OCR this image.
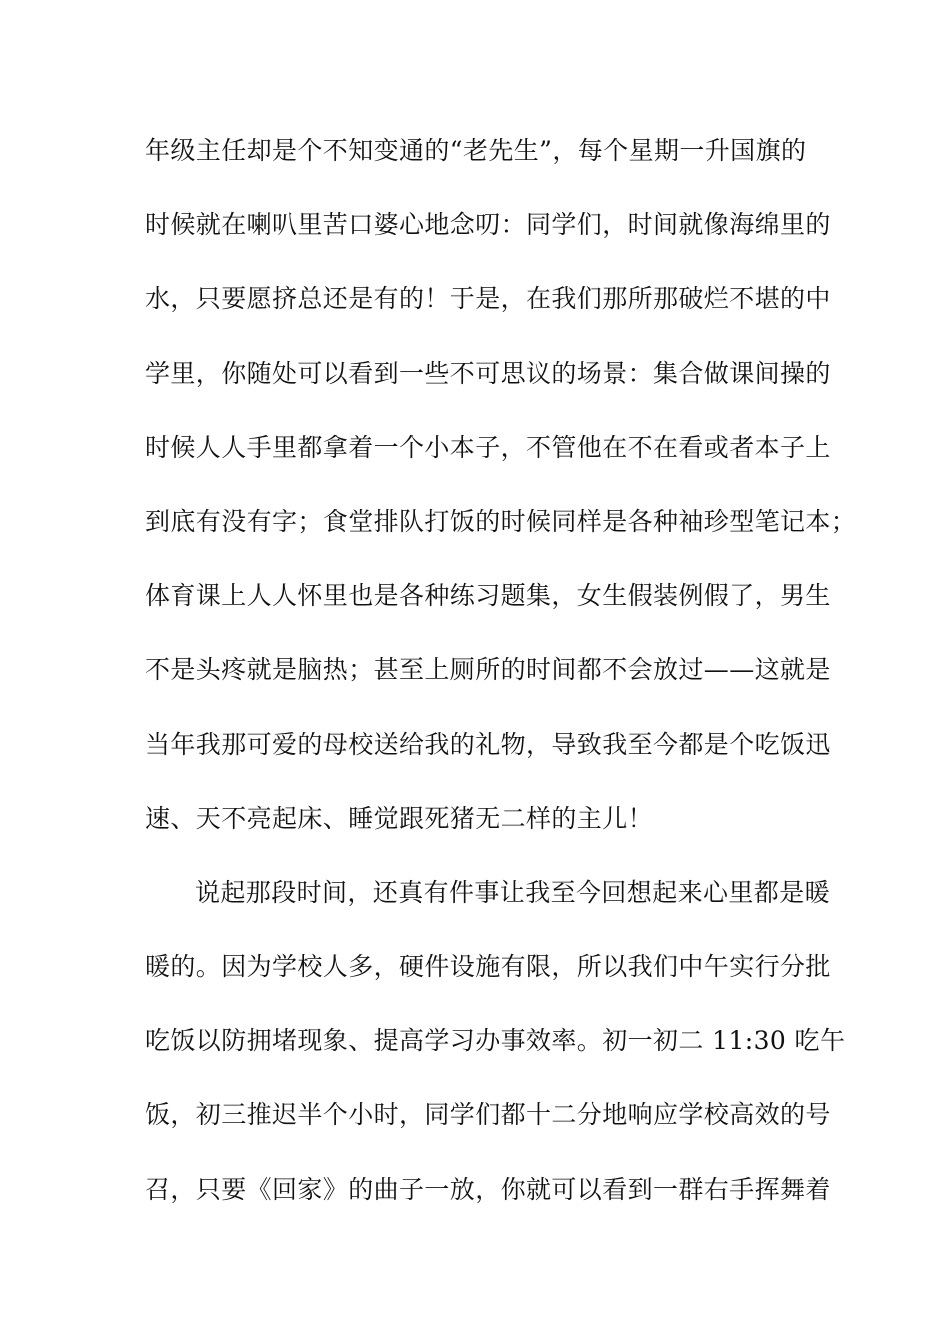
年级主任却是个不知变通的“老先生”，每个星期一升国旗的
时候就在喇叭里苦口婆心地念叨：同学们，时间就像海绵里的
水，只要愿挤总还是有的！于是，在我们那所那破烂不堪的中
学里，你随处可以看到一些不可思议的场景：集合做课间操的
时候人人手里都拿着一个小本子，不管他在不在看或者本子上
到底有没有字；食堂排队打饭的时候同样是各种袖珍型笔记本；
体育课上人人怀里也是各种练习题集，女生假装例假了，男生
不是头疼就是脑热；甚至上厕所的时间都不会放过——这就是
当年我那可爱的母校送给我的礼物，导致我至今都是个吃饭迅
速、天不亮起床、睡觉跟死猪无二样的主儿！
说起那段时间，还真有件事让我至今回想起来心里都是暖
暖的。因为学校人多，硬件设施有限，所以我们中午实行分批
吃饭以防拥堵现象、提高学习办事效率。初一初二 11:30 吃午
饭，初三推迟半个小时，同学们都十二分地响应学校高效的号
召，只要《回家》的曲子一放，你就可以看到一群右手挥舞着
